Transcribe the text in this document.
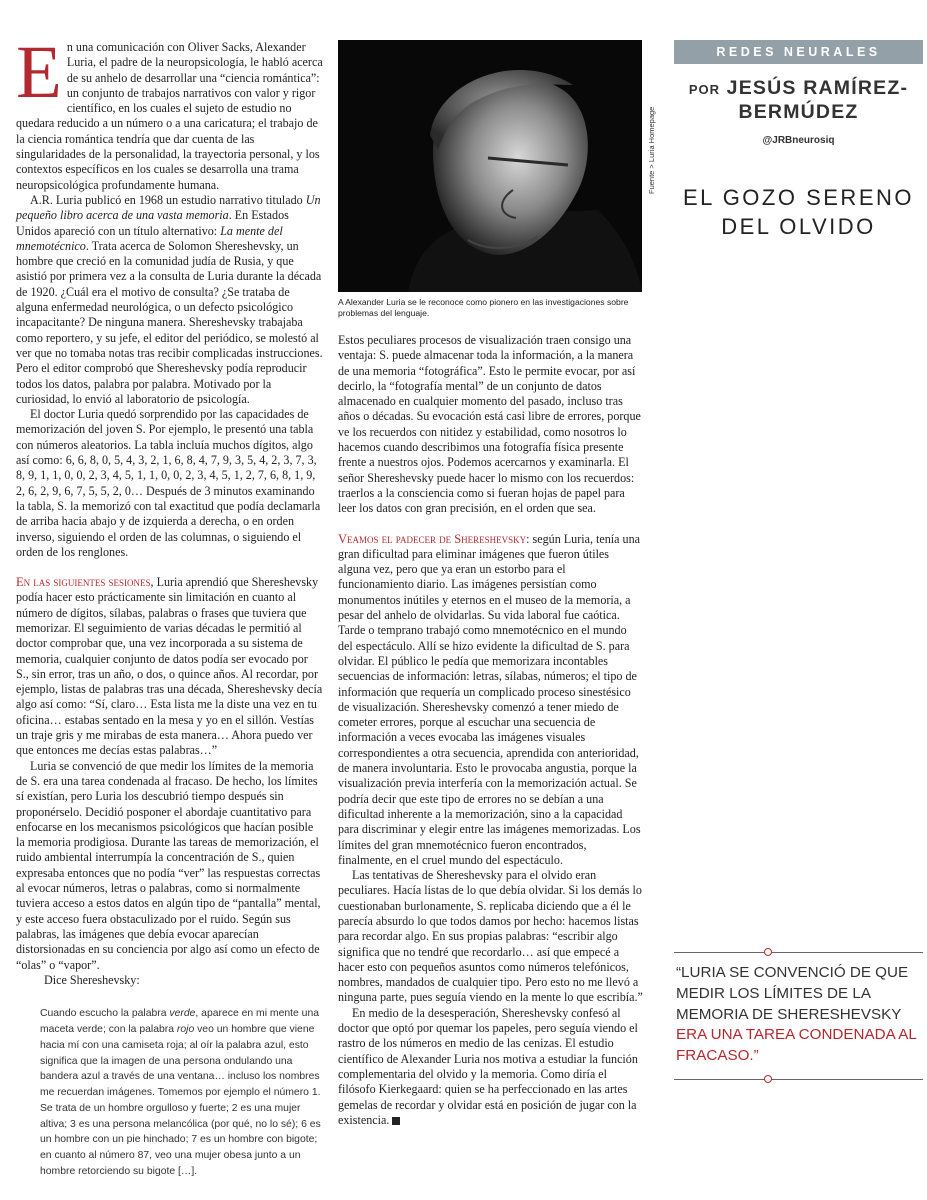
E n una comunicación con Oliver Sacks, Alexander Luria, el padre de la neuropsicología, le habló acerca de su anhelo de desarrollar una “ciencia romántica”: un conjunto de trabajos narrativos con valor y rigor científico, en los cuales el sujeto de estudio no quedara reducido a un número o a una caricatura; el trabajo de la ciencia romántica tendría que dar cuenta de las singularidades de la personalidad, la trayectoria personal, y los contextos específicos en los cuales se desarrolla una trama neuropsicológica profundamente humana.

A.R. Luria publicó en 1968 un estudio narrativo titulado Un pequeño libro acerca de una vasta memoria. En Estados Unidos apareció con un título alternativo: La mente del mnemotécnico. Trata acerca de Solomon Shereshevsky, un hombre que creció en la comunidad judía de Rusia, y que asistió por primera vez a la consulta de Luria durante la década de 1920. ¿Cuál era el motivo de consulta? ¿Se trataba de alguna enfermedad neurológica, o un defecto psicológico incapacitante? De ninguna manera. Shereshevsky trabajaba como reportero, y su jefe, el editor del periódico, se molestó al ver que no tomaba notas tras recibir complicadas instrucciones. Pero el editor comprobó que Shereshevsky podía reproducir todos los datos, palabra por palabra. Motivado por la curiosidad, lo envió al laboratorio de psicología.

El doctor Luria quedó sorprendido por las capacidades de memorización del joven S. Por ejemplo, le presentó una tabla con números aleatorios. La tabla incluía muchos dígitos, algo así como: 6, 6, 8, 0, 5, 4, 3, 2, 1, 6, 8, 4, 7, 9, 3, 5, 4, 2, 3, 7, 3, 8, 9, 1, 1, 0, 0, 2, 3, 4, 5, 1, 1, 0, 0, 2, 3, 4, 5, 1, 2, 7, 6, 8, 1, 9, 2, 6, 2, 9, 6, 7, 5, 5, 2, 0… Después de 3 minutos examinando la tabla, S. la memorizó con tal exactitud que podía declamarla de arriba hacia abajo y de izquierda a derecha, o en orden inverso, siguiendo el orden de las columnas, o siguiendo el orden de los renglones.

En las siguientes sesiones, Luria aprendió que Shereshevsky podía hacer esto prácticamente sin limitación en cuanto al número de dígitos, sílabas, palabras o frases que tuviera que memorizar. El seguimiento de varias décadas le permitió al doctor comprobar que, una vez incorporada a su sistema de memoria, cualquier conjunto de datos podía ser evocado por S., sin error, tras un año, o dos, o quince años. Al recordar, por ejemplo, listas de palabras tras una década, Shereshevsky decía algo así como: “Sí, claro… Esta lista me la diste una vez en tu oficina… estabas sentado en la mesa y yo en el sillón. Vestías un traje gris y me mirabas de esta manera… Ahora puedo ver que entonces me decías estas palabras…”

Luria se convenció de que medir los límites de la memoria de S. era una tarea condenada al fracaso. De hecho, los límites sí existían, pero Luria los descubrió tiempo después sin proponérselo. Decidió posponer el abordaje cuantitativo para enfocarse en los mecanismos psicológicos que hacían posible la memoria prodigiosa. Durante las tareas de memorización, el ruido ambiental interrumpía la concentración de S., quien expresaba entonces que no podía “ver” las respuestas correctas al evocar números, letras o palabras, como si normalmente tuviera acceso a estos datos en algún tipo de “pantalla” mental, y este acceso fuera obstaculizado por el ruido. Según sus palabras, las imágenes que debía evocar aparecían distorsionadas en su conciencia por algo así como un efecto de “olas” o “vapor”.

Dice Shereshevsky:

Cuando escucho la palabra verde, aparece en mi mente una maceta verde; con la palabra rojo veo un hombre que viene hacia mí con una camiseta roja; al oír la palabra azul, esto significa que la imagen de una persona ondulando una bandera azul a través de una ventana… incluso los nombres me recuerdan imágenes. Tomemos por ejemplo el número 1. Se trata de un hombre orgulloso y fuerte; 2 es una mujer altiva; 3 es una persona melancólica (por qué, no lo sé); 6 es un hombre con un pie hinchado; 7 es un hombre con bigote; en cuanto al número 87, veo una mujer obesa junto a un hombre retorciendo su bigote […].
A Alexander Luria se le reconoce como pionero en las investigaciones sobre problemas del lenguaje.

Estos peculiares procesos de visualización traen consigo una ventaja: S. puede almacenar toda la información, a la manera de una memoria “fotográfica”. Esto le permite evocar, por así decirlo, la “fotografía mental” de un conjunto de datos almacenado en cualquier momento del pasado, incluso tras años o décadas. Su evocación está casi libre de errores, porque ve los recuerdos con nitidez y estabilidad, como nosotros lo hacemos cuando describimos una fotografía física presente frente a nuestros ojos. Podemos acercarnos y examinarla. El señor Shereshevsky puede hacer lo mismo con los recuerdos: traerlos a la consciencia como si fueran hojas de papel para leer los datos con gran precisión, en el orden que sea.

Veamos el padecer de Shereshevsky: según Luria, tenía una gran dificultad para eliminar imágenes que fueron útiles alguna vez, pero que ya eran un estorbo para el funcionamiento diario. Las imágenes persistían como monumentos inútiles y eternos en el museo de la memoria, a pesar del anhelo de olvidarlas. Su vida laboral fue caótica. Tarde o temprano trabajó como mnemotécnico en el mundo del espectáculo. Allí se hizo evidente la dificultad de S. para olvidar. El público le pedía que memorizara incontables secuencias de información: letras, sílabas, números; el tipo de información que requería un complicado proceso sinestésico de visualización. Shereshevsky comenzó a tener miedo de cometer errores, porque al escuchar una secuencia de información a veces evocaba las imágenes visuales correspondientes a otra secuencia, aprendida con anterioridad, de manera involuntaria. Esto le provocaba angustia, porque la visualización previa interfería con la memorización actual. Se podría decir que este tipo de errores no se debían a una dificultad inherente a la memorización, sino a la capacidad para discriminar y elegir entre las imágenes memorizadas. Los límites del gran mnemotécnico fueron encontrados, finalmente, en el cruel mundo del espectáculo.

Las tentativas de Shereshevsky para el olvido eran peculiares. Hacía listas de lo que debía olvidar. Si los demás lo cuestionaban burlonamente, S. replicaba diciendo que a él le parecía absurdo lo que todos damos por hecho: hacemos listas para recordar algo. En sus propias palabras: “escribir algo significa que no tendré que recordarlo… así que empecé a hacer esto con pequeños asuntos como números telefónicos, nombres, mandados de cualquier tipo. Pero esto no me llevó a ninguna parte, pues seguía viendo en la mente lo que escribía.”

En medio de la desesperación, Shereshevsky confesó al doctor que optó por quemar los papeles, pero seguía viendo el rastro de los números en medio de las cenizas. El estudio científico de Alexander Luria nos motiva a estudiar la función complementaria del olvido y la memoria. Como diría el filósofo Kierkegaard: quien se ha perfeccionado en las artes gemelas de recordar y olvidar está en posición de jugar con la existencia. C

Fuente > Luria Homepage
REDES NEURALES
POR JESÚS RAMÍREZ-
BERMÚDEZ
@JRBneurosiq
EL GOZO SERENO
DEL OLVIDO
“LURIA SE CONVENCIÓ DE QUE MEDIR LOS LÍMITES DE LA MEMORIA DE SHERESHEVSKY ERA UNA TAREA CONDENADA AL FRACASO.”
